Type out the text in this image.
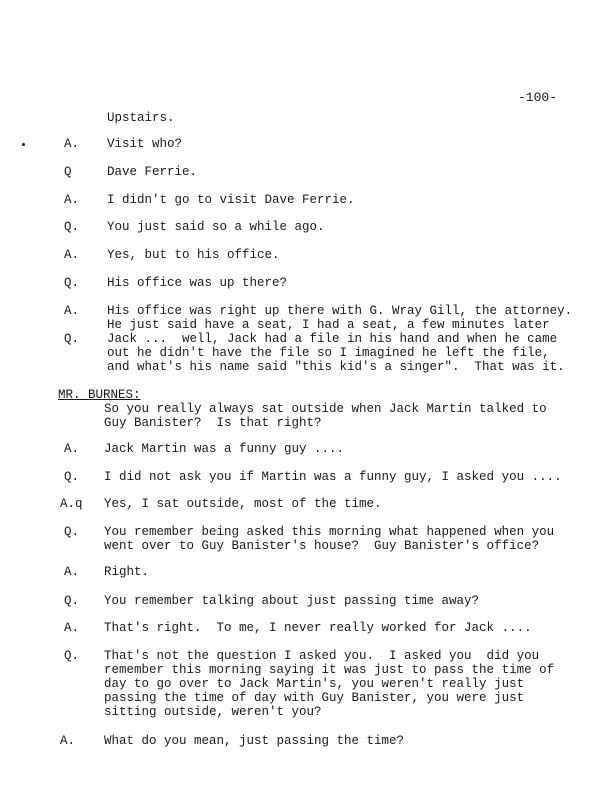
-100-
Upstairs.
A. Visit who?
Q	Dave Ferrie.
A. I didn't go to visit Dave Ferrie.
Q. You just said so a while ago.
A. Yes, but to his office.
Q. His office was up there?
A. His office was right up there with G. Wray Gill, the attorney.
He just said have a seat, I had a seat, a few minutes later
Q. Jack ...  well, Jack had a file in his hand and when he came
out he didn't have the file so I imagined he left the file,
and what's his name said "this kid's a singer".  That was it.
MR. BURNES:
So you really always sat outside when Jack Martin talked to
Guy Banister?  Is that right?
A. Jack Martin was a funny guy ....
Q. I did not ask you if Martin was a funny guy, I asked you ....
A.q Yes, I sat outside, most of the time.
Q. You remember being asked this morning what happened when you
went over to Guy Banister's house?  Guy Banister's office?
A. Right.
Q. You remember talking about just passing time away?
A. That's right.  To me, I never really worked for Jack ....
Q. That's not the question I asked you.  I asked you  did you
remember this morning saying it was just to pass the time of
day to go over to Jack Martin's, you weren't really just
passing the time of day with Guy Banister, you were just
sitting outside, weren't you?
A. What do you mean, just passing the time?
